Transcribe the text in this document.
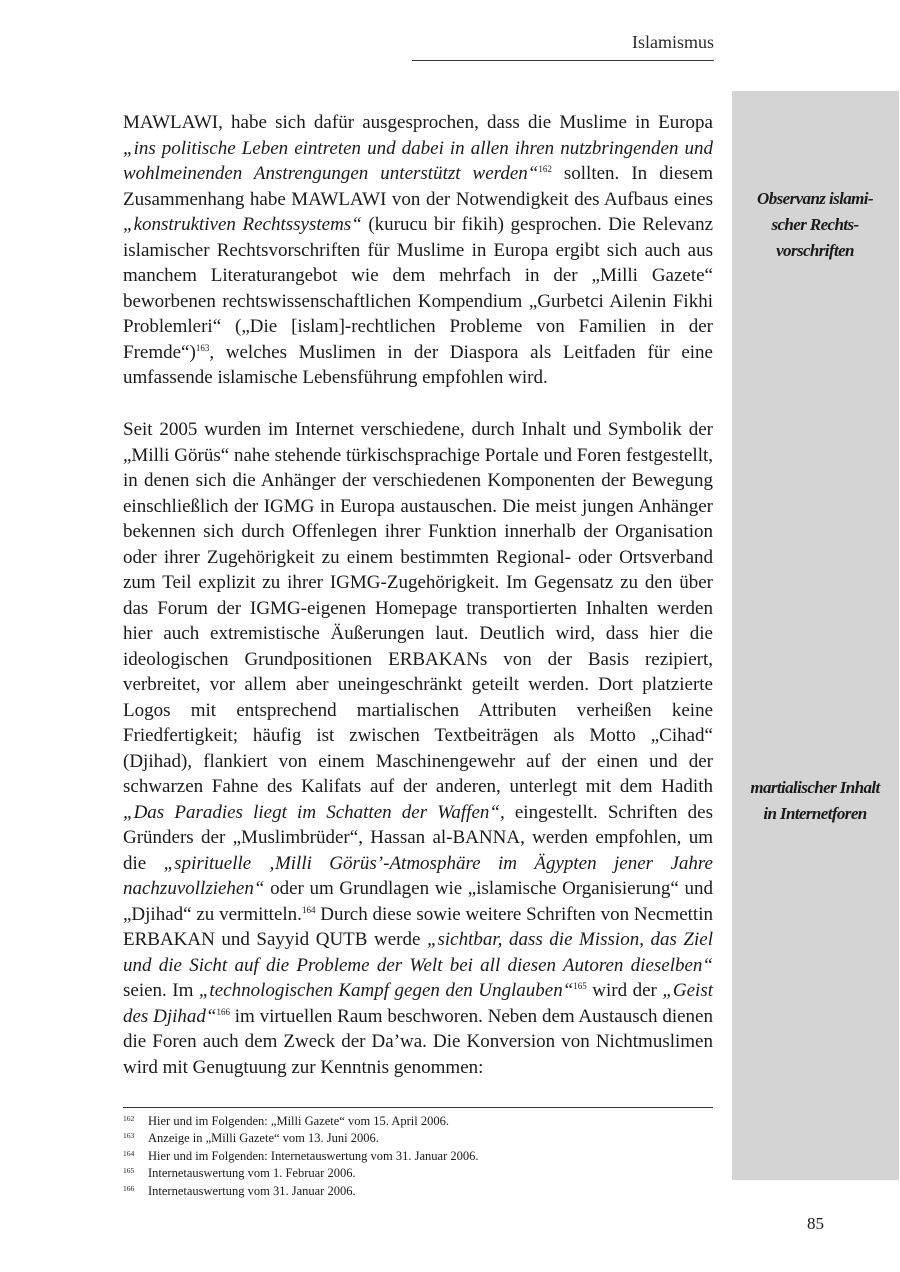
Islamismus
Observanz islami-
scher Rechts-
vorschriften
martialischer Inhalt
in Internetforen

MAWLAWI, habe sich dafür ausgesprochen, dass die Muslime in Europa „ins politische Leben eintreten und dabei in allen ihren nutzbringenden und wohlmeinenden Anstrengungen unterstützt werden“$^{162}$ sollten. In diesem Zusammenhang habe MAWLAWI von der Notwendigkeit des Aufbaus eines „konstruktiven Rechtssystems“ (kurucu bir fikih) gesprochen. Die Relevanz islamischer Rechtsvorschriften für Muslime in Europa ergibt sich auch aus manchem Literaturangebot wie dem mehrfach in der „Milli Gazete“ beworbenen rechtswissenschaftlichen Kompendium „Gurbetci Ailenin Fikhi Problemleri“ („Die [islam]-rechtlichen Probleme von Familien in der Fremde“)$^{163}$, welches Muslimen in der Diaspora als Leitfaden für eine umfassende islamische Lebensführung empfohlen wird.

Seit 2005 wurden im Internet verschiedene, durch Inhalt und Symbolik der „Milli Görüs“ nahe stehende türkischsprachige Portale und Foren festgestellt, in denen sich die Anhänger der verschiedenen Komponenten der Bewegung einschließlich der IGMG in Europa austauschen. Die meist jungen Anhänger bekennen sich durch Offenlegen ihrer Funktion innerhalb der Organisation oder ihrer Zugehörigkeit zu einem bestimmten Regional- oder Ortsverband zum Teil explizit zu ihrer IGMG-Zugehörigkeit. Im Gegensatz zu den über das Forum der IGMG-eigenen Homepage transportierten Inhalten werden hier auch extremistische Äußerungen laut. Deutlich wird, dass hier die ideologischen Grundpositionen ERBAKANs von der Basis rezipiert, verbreitet, vor allem aber uneingeschränkt geteilt werden. Dort platzierte Logos mit entsprechend martialischen Attributen verheißen keine Friedfertigkeit; häufig ist zwischen Textbeiträgen als Motto „Cihad“ (Djihad), flankiert von einem Maschinengewehr auf der einen und der schwarzen Fahne des Kalifats auf der anderen, unterlegt mit dem Hadith „Das Paradies liegt im Schatten der Waffen“, eingestellt. Schriften des Gründers der „Muslimbrüder“, Hassan al-BANNA, werden empfohlen, um die „spirituelle ‚Milli Görüs’-Atmosphäre im Ägypten jener Jahre nachzuvollziehen“ oder um Grundlagen wie „islamische Organisierung“ und „Djihad“ zu vermitteln.$^{164}$ Durch diese sowie weitere Schriften von Necmettin ERBAKAN und Sayyid QUTB werde „sichtbar, dass die Mission, das Ziel und die Sicht auf die Probleme der Welt bei all diesen Autoren dieselben“ seien. Im „technologischen Kampf gegen den Unglauben“$^{165}$ wird der „Geist des Djihad“$^{166}$ im virtuellen Raum beschworen. Neben dem Austausch dienen die Foren auch dem Zweck der Da’wa. Die Konversion von Nichtmuslimen wird mit Genugtuung zur Kenntnis genommen:

162 Hier und im Folgenden: „Milli Gazete“ vom 15. April 2006.
163 Anzeige in „Milli Gazete“ vom 13. Juni 2006.
164 Hier und im Folgenden: Internetauswertung vom 31. Januar 2006.
165 Internetauswertung vom 1. Februar 2006.
166 Internetauswertung vom 31. Januar 2006.
85
